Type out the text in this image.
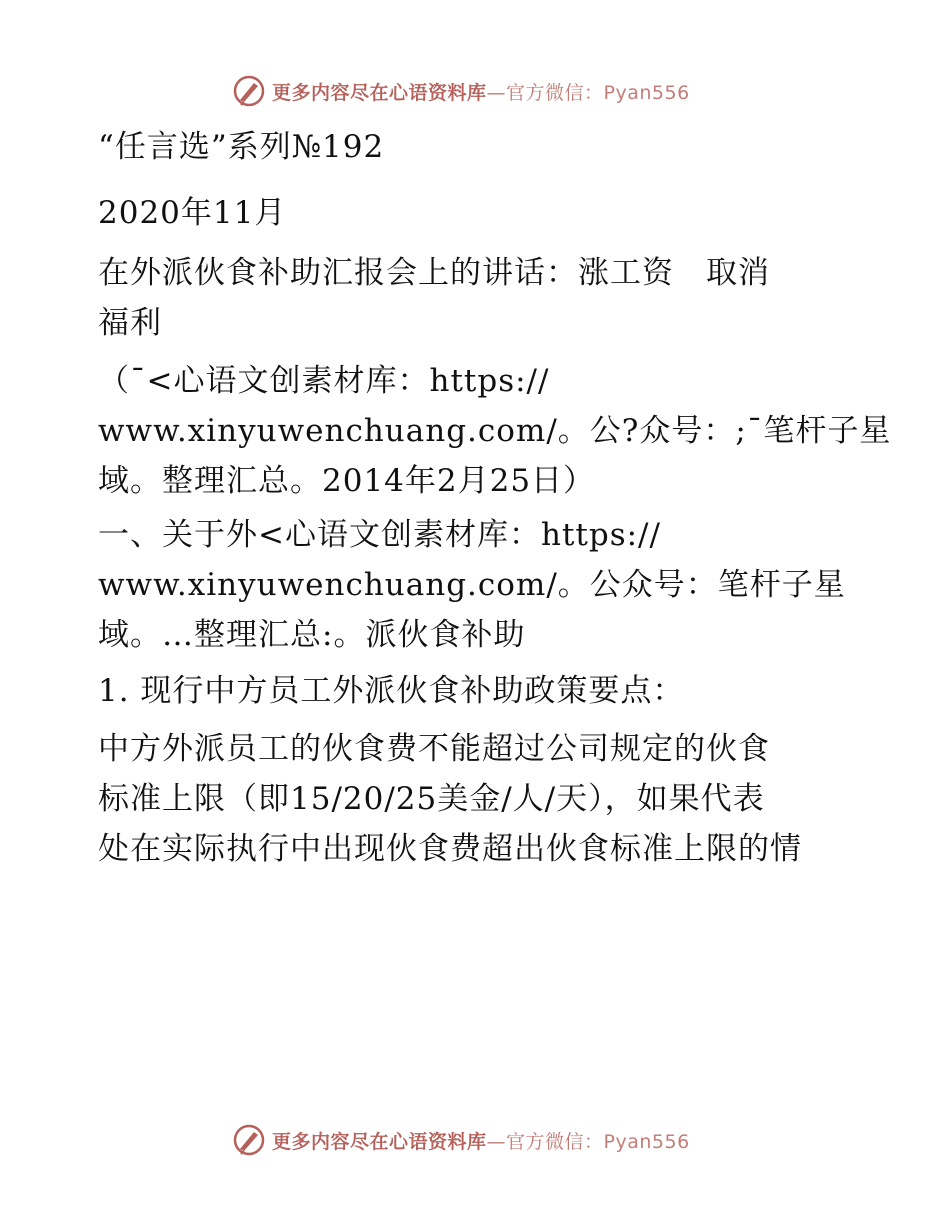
更多内容尽在心语资料库—官方微信：Pyan556
“任言选”系列№192
2020年11月
在外派伙食补助汇报会上的讲话：涨工资　取消
福利
（¯<心语文创素材库：https://
www.xinyuwenchuang.com/。公?众号：;¯笔杆子星
域。整理汇总。2014年2月25日）
一、关于外<心语文创素材库：https://
www.xinyuwenchuang.com/。公众号：笔杆子星
域。…整理汇总:。派伙食补助
1. 现行中方员工外派伙食补助政策要点：
中方外派员工的伙食费不能超过公司规定的伙食
标准上限（即15/20/25美金/人/天），如果代表
处在实际执行中出现伙食费超出伙食标准上限的情
更多内容尽在心语资料库—官方微信：Pyan556
